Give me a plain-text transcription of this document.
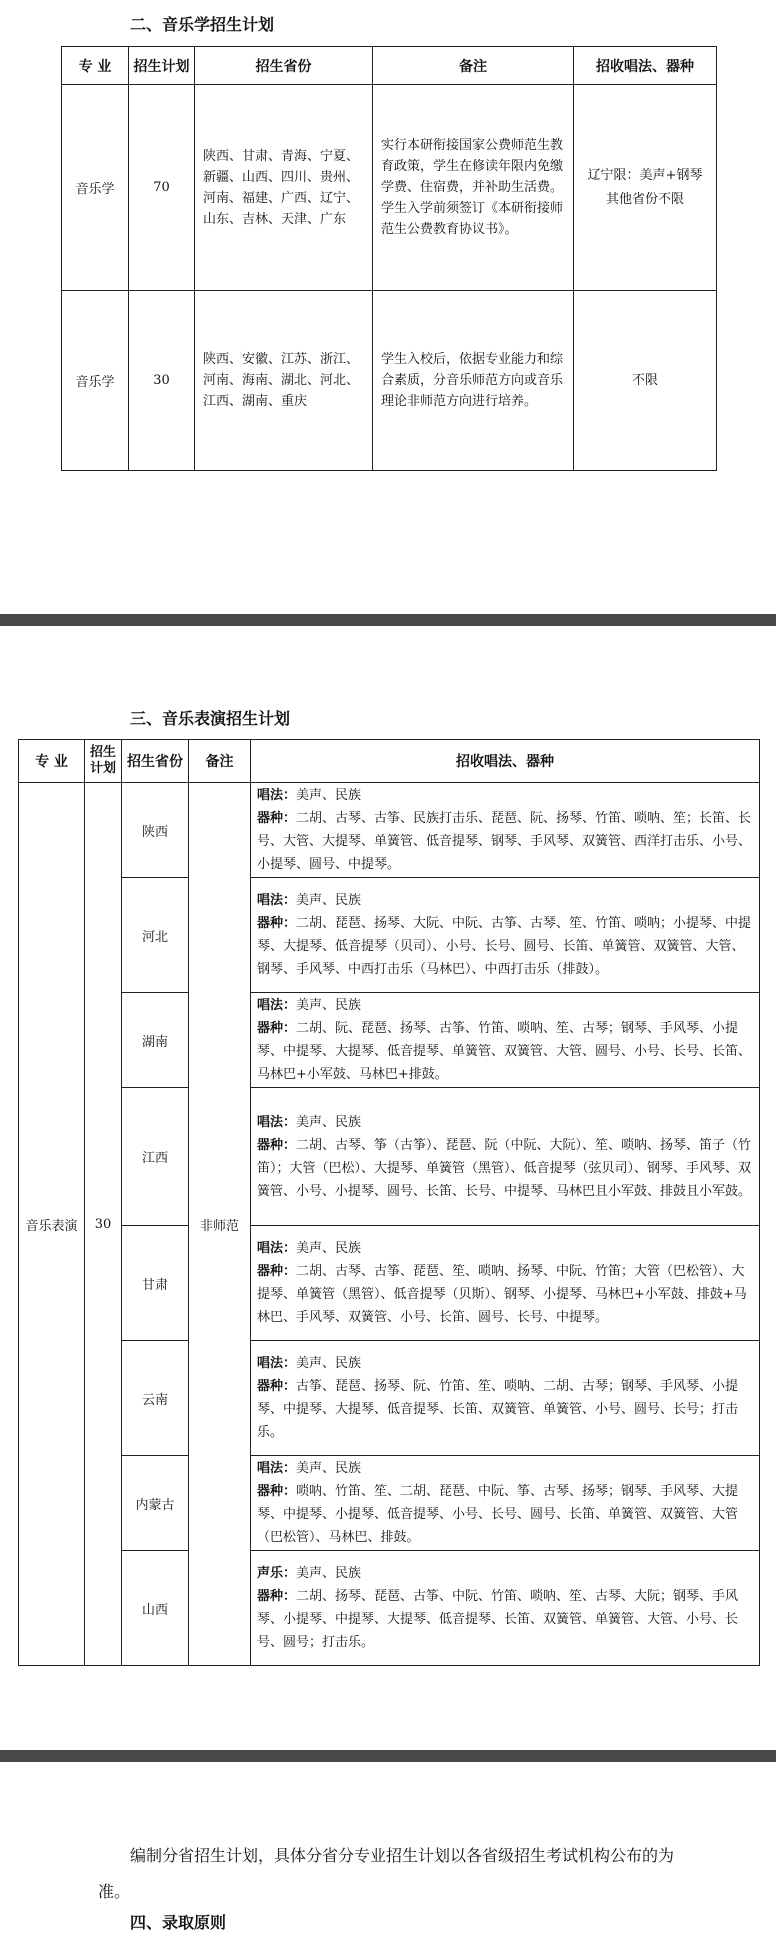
二、音乐学招生计划
专 业	招生计划	招生省份	备注	招收唱法、器种
音乐学	70	陕西、甘肃、青海、宁夏、新疆、山西、四川、贵州、河南、福建、广西、辽宁、山东、吉林、天津、广东	实行本研衔接国家公费师范生教育政策，学生在修读年限内免缴学费、住宿费，并补助生活费。学生入学前须签订《本研衔接师范生公费教育协议书》。	辽宁限：美声+钢琴
其他省份不限

音乐学	30	陕西、安徽、江苏、浙江、河南、海南、湖北、河北、江西、湖南、重庆	学生入校后，依据专业能力和综合素质，分音乐师范方向或音乐理论非师范方向进行培养。	不限
三、音乐表演招生计划
专 业	招生计划	招生省份	备注	招收唱法、器种
音乐表演	30	陕西	非师范	唱法：美声、民族
器种：二胡、古琴、古筝、民族打击乐、琵琶、阮、扬琴、竹笛、唢呐、笙；长笛、长号、大管、大提琴、单簧管、低音提琴、钢琴、手风琴、双簧管、西洋打击乐、小号、小提琴、圆号、中提琴。
		河北		唱法：美声、民族
器种：二胡、琵琶、扬琴、大阮、中阮、古筝、古琴、笙、竹笛、唢呐；小提琴、中提琴、大提琴、低音提琴（贝司）、小号、长号、圆号、长笛、单簧管、双簧管、大管、钢琴、手风琴、中西打击乐（马林巴）、中西打击乐（排鼓）。
		湖南		唱法：美声、民族
器种：二胡、阮、琵琶、扬琴、古筝、竹笛、唢呐、笙、古琴；钢琴、手风琴、小提琴、中提琴、大提琴、低音提琴、单簧管、双簧管、大管、圆号、小号、长号、长笛、马林巴+小军鼓、马林巴+排鼓。
		江西		唱法：美声、民族
器种：二胡、古琴、筝（古筝）、琵琶、阮（中阮、大阮）、笙、唢呐、扬琴、笛子（竹笛）；大管（巴松）、大提琴、单簧管（黑管）、低音提琴（弦贝司）、钢琴、手风琴、双簧管、小号、小提琴、圆号、长笛、长号、中提琴、马林巴且小军鼓、排鼓且小军鼓。
		甘肃		唱法：美声、民族
器种：二胡、古琴、古筝、琵琶、笙、唢呐、扬琴、中阮、竹笛；大管（巴松管）、大提琴、单簧管（黑管）、低音提琴（贝斯）、钢琴、小提琴、马林巴+小军鼓、排鼓+马林巴、手风琴、双簧管、小号、长笛、圆号、长号、中提琴。
		云南		唱法：美声、民族
器种：古筝、琵琶、扬琴、阮、竹笛、笙、唢呐、二胡、古琴；钢琴、手风琴、小提琴、中提琴、大提琴、低音提琴、长笛、双簧管、单簧管、小号、圆号、长号；打击乐。
		内蒙古		唱法：美声、民族
器种：唢呐、竹笛、笙、二胡、琵琶、中阮、筝、古琴、扬琴；钢琴、手风琴、大提琴、中提琴、小提琴、低音提琴、小号、长号、圆号、长笛、单簧管、双簧管、大管（巴松管）、马林巴、排鼓。
		山西		声乐：美声、民族
器种：二胡、扬琴、琵琶、古筝、中阮、竹笛、唢呐、笙、古琴、大阮；钢琴、手风琴、小提琴、中提琴、大提琴、低音提琴、长笛、双簧管、单簧管、大管、小号、长号、圆号；打击乐。
编制分省招生计划，具体分省分专业招生计划以各省级招生考试机构公布的为
准。
四、录取原则
